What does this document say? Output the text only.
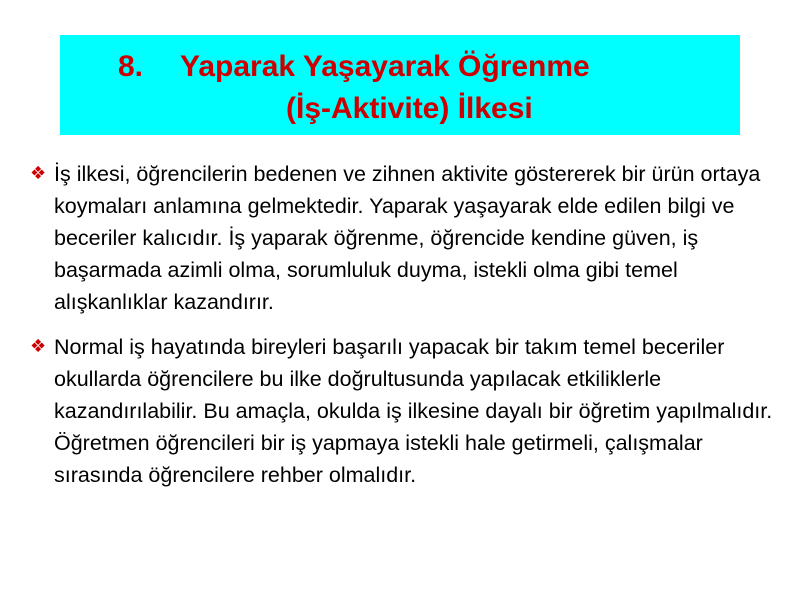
8. Yaparak Yaşayarak Öğrenme
(İş-Aktivite) İlkesi
❖ İş ilkesi, öğrencilerin bedenen ve zihnen aktivite göstererek bir ürün ortaya koymaları anlamına gelmektedir. Yaparak yaşayarak elde edilen bilgi ve beceriler kalıcıdır. İş yaparak öğrenme, öğrencide kendine güven, iş başarmada azimli olma, sorumluluk duyma, istekli olma gibi temel alışkanlıklar kazandırır.
❖ Normal iş hayatında bireyleri başarılı yapacak bir takım temel beceriler okullarda öğrencilere bu ilke doğrultusunda yapılacak etkiliklerle kazandırılabilir. Bu amaçla, okulda iş ilkesine dayalı bir öğretim yapılmalıdır. Öğretmen öğrencileri bir iş yapmaya istekli hale getirmeli, çalışmalar sırasında öğrencilere rehber olmalıdır.
